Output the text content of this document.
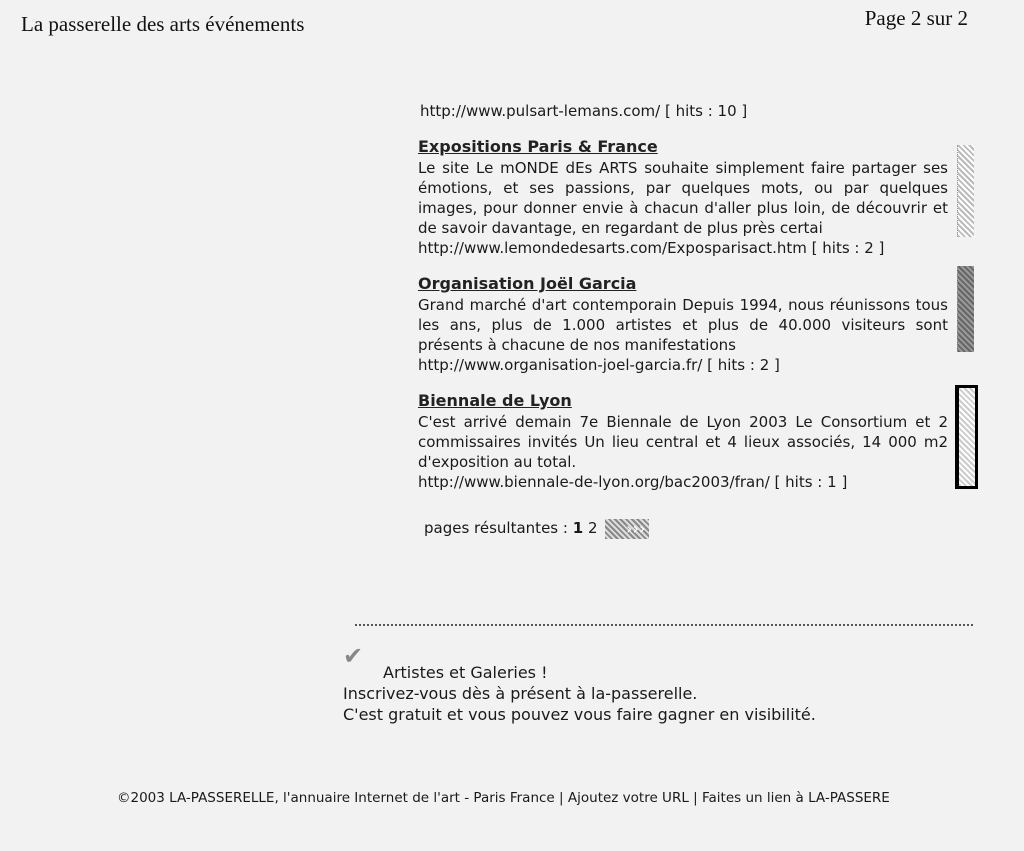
La passerelle des arts événements	Page 2 sur 2
http://www.pulsart-lemans.com/ [ hits : 10 ]
Expositions Paris & France
Le site Le mONDE dEs ARTS souhaite simplement faire partager ses émotions, et ses passions, par quelques mots, ou par quelques images, pour donner envie à chacun d'aller plus loin, de découvrir et de savoir davantage, en regardant de plus près certai
http://www.lemondedesarts.com/Exposparisact.htm [ hits : 2 ]
Organisation Joël Garcia
Grand marché d'art contemporain Depuis 1994, nous réunissons tous les ans, plus de 1.000 artistes et plus de 40.000 visiteurs sont présents à chacune de nos manifestations
http://www.organisation-joel-garcia.fr/ [ hits : 2 ]
Biennale de Lyon
C'est arrivé demain 7e Biennale de Lyon 2003 Le Consortium et 2 commissaires invités Un lieu central et 4 lieux associés, 14 000 m2 d'exposition au total.
http://www.biennale-de-lyon.org/bac2003/fran/ [ hits : 1 ]
pages résultantes : 1 2 ›››
✔
Artistes et Galeries !
Inscrivez-vous dès à présent à la-passerelle.
C'est gratuit et vous pouvez vous faire gagner en visibilité.
©2003 LA-PASSERELLE, l'annuaire Internet de l'art - Paris France | Ajoutez votre URL | Faites un lien à LA-PASSERE
